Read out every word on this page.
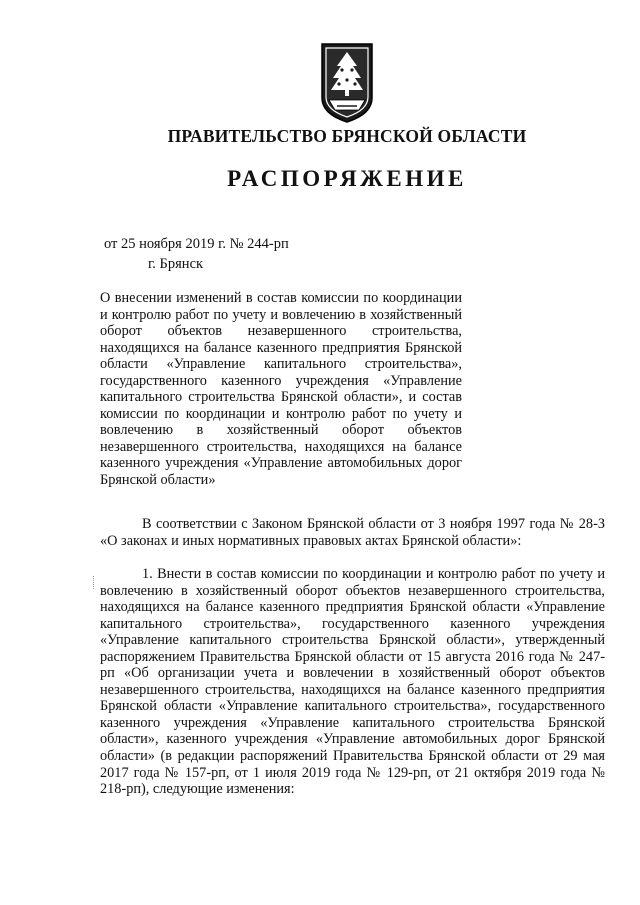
ПРАВИТЕЛЬСТВО БРЯНСКОЙ ОБЛАСТИ
РАСПОРЯЖЕНИЕ
от 25 ноября 2019 г. № 244-рп
г. Брянск

О внесении изменений в состав комиссии по координации и контролю работ по учету и вовлечению в хозяйственный оборот объектов незавершенного строительства, находящихся на балансе казенного предприятия Брянской области «Управление капитального строительства», государственного казенного учреждения «Управление капитального строительства Брянской области», и состав комиссии по координации и контролю работ по учету и вовлечению в хозяйственный оборот объектов незавершенного строительства, находящихся на балансе казенного учреждения «Управление автомобильных дорог Брянской области»

В соответствии с Законом Брянской области от 3 ноября 1997 года № 28-З «О законах и иных нормативных правовых актах Брянской области»:

1. Внести в состав комиссии по координации и контролю работ по учету и вовлечению в хозяйственный оборот объектов незавершенного строительства, находящихся на балансе казенного предприятия Брянской области «Управление капитального строительства», государственного казенного учреждения «Управление капитального строительства Брянской области», утвержденный распоряжением Правительства Брянской области от 15 августа 2016 года № 247-рп «Об организации учета и вовлечении в хозяйственный оборот объектов незавершенного строительства, находящихся на балансе казенного предприятия Брянской области «Управление капитального строительства», государственного казенного учреждения «Управление капитального строительства Брянской области», казенного учреждения «Управление автомобильных дорог Брянской области» (в редакции распоряжений Правительства Брянской области от 29 мая 2017 года № 157-рп, от 1 июля 2019 года № 129-рп, от 21 октября 2019 года № 218-рп), следующие изменения:
